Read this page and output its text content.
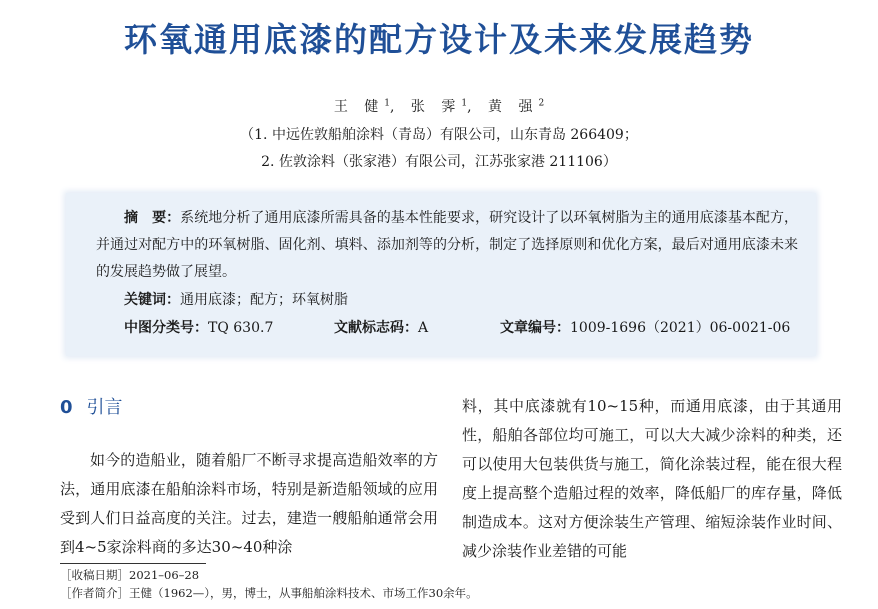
环氧通用底漆的配方设计及未来发展趋势
王 健$^1$, 张 霁$^1$, 黄 强$^2$
（1. 中远佐敦船舶涂料（青岛）有限公司，山东青岛 266409；
2. 佐敦涂料（张家港）有限公司，江苏张家港 211106）
摘　要：系统地分析了通用底漆所需具备的基本性能要求，研究设计了以环氧树脂为主的通用底漆基本配方，并通过对配方中的环氧树脂、固化剂、填料、添加剂等的分析，制定了选择原则和优化方案，最后对通用底漆未来的发展趋势做了展望。
关键词：通用底漆；配方；环氧树脂
中图分类号：TQ 630.7	文献标志码：A	文章编号：1009-1696（2021）06-0021-06
0 引言
如今的造船业，随着船厂不断寻求提高造船效率的方法，通用底漆在船舶涂料市场，特别是新造船领域的应用受到人们日益高度的关注。过去，建造一艘船舶通常会用到4~5家涂料商的多达30~40种涂
料，其中底漆就有10~15种，而通用底漆，由于其通用性，船舶各部位均可施工，可以大大减少涂料的种类，还可以使用大包装供货与施工，简化涂装过程，能在很大程度上提高整个造船过程的效率，降低船厂的库存量，降低制造成本。这对方便涂装生产管理、缩短涂装作业时间、减少涂装作业差错的可能
［收稿日期］2021–06–28
［作者简介］王健（1962—），男，博士，从事船舶涂料技术、市场工作30余年。
